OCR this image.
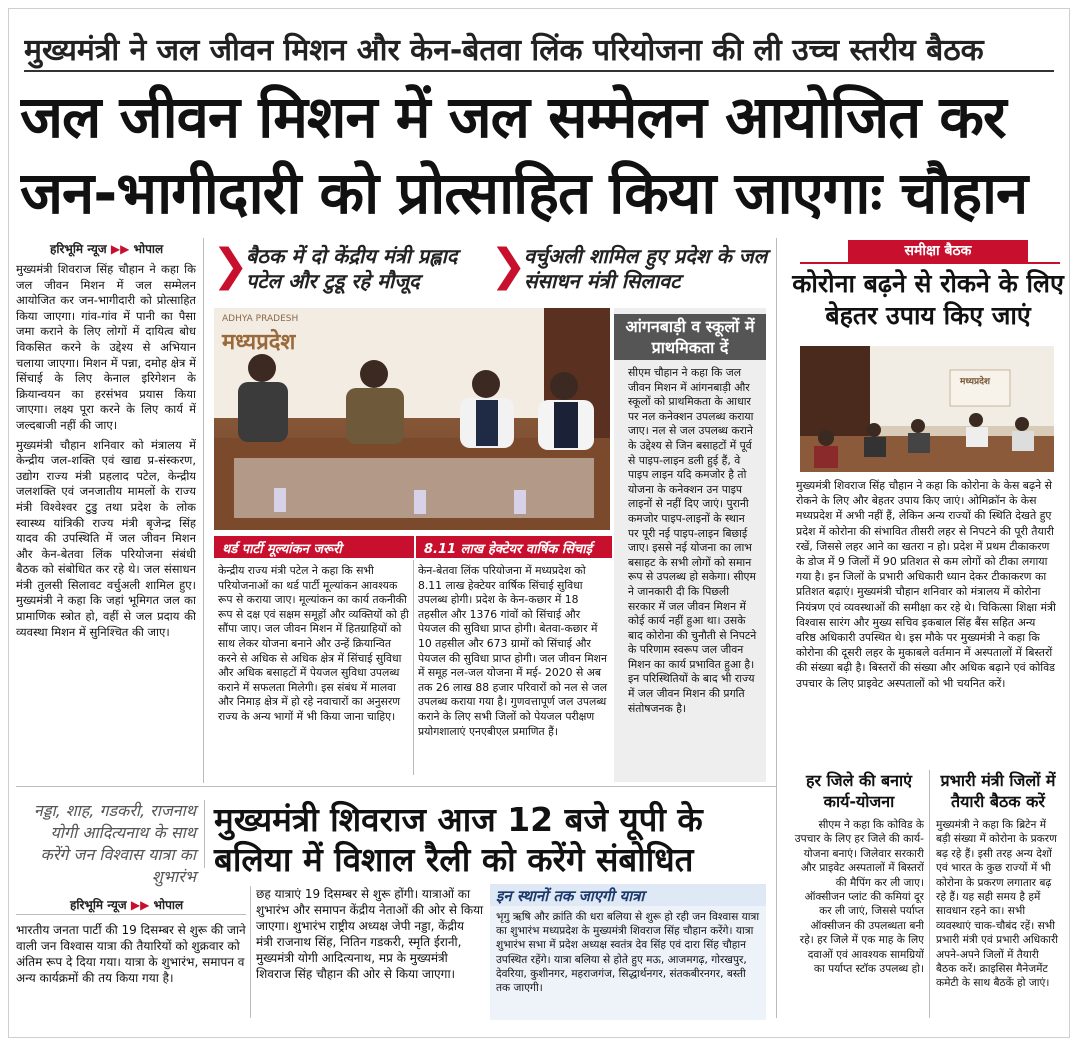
मुख्यमंत्री ने जल जीवन मिशन और केन-बेतवा लिंक परियोजना की ली उच्च स्तरीय बैठक
जल जीवन मिशन में जल सम्मेलन आयोजित कर
जन-भागीदारी को प्रोत्साहित किया जाएगाः चौहान
हरिभूमि न्यूज ▶▶ भोपाल

मुख्यमंत्री शिवराज सिंह चौहान ने कहा कि जल जीवन मिशन में जल सम्मेलन आयोजित कर जन-भागीदारी को प्रोत्साहित किया जाएगा। गांव-गांव में पानी का पैसा जमा कराने के लिए लोगों में दायित्व बोध विकसित करने के उद्देश्य से अभियान चलाया जाएगा। मिशन में पन्ना, दमोह क्षेत्र में सिंचाई के लिए केनाल इरिगेशन के क्रियान्वयन का हरसंभव प्रयास किया जाएगा। लक्ष्य पूरा करने के लिए कार्य में जल्दबाजी नहीं की जाए।

मुख्यमंत्री चौहान शनिवार को मंत्रालय में केन्द्रीय जल-शक्ति एवं खाद्य प्र-संस्करण, उद्योग राज्य मंत्री प्रहलाद पटेल, केन्द्रीय जलशक्ति एवं जनजातीय मामलों के राज्य मंत्री विश्वेश्वर टुडु तथा प्रदेश के लोक स्वास्थ्य यांत्रिकी राज्य मंत्री बृजेन्द्र सिंह यादव की उपस्थिति में जल जीवन मिशन और केन-बेतवा लिंक परियोजना संबंधी बैठक को संबोधित कर रहे थे। जल संसाधन मंत्री तुलसी सिलावट वर्चुअली शामिल हुए। मुख्यमंत्री ने कहा कि जहां भूमिगत जल का प्रामाणिक स्त्रोत हो, वहीं से जल प्रदाय की व्यवस्था मिशन में सुनिश्चित की जाए।

❯
बैठक में दो केंद्रीय मंत्री प्रह्लाद पटेल और टुडू रहे मौजूद	❯
वर्चुअली शामिल हुए प्रदेश के जल संसाधन मंत्री सिलावट
ADHYA PRADESH
मध्यप्रदेश
थर्ड पार्टी मूल्यांकन जरूरी	8.11 लाख हेक्टेयर वार्षिक सिंचाई
केन्द्रीय राज्य मंत्री पटेल ने कहा कि सभी परियोजनाओं का थर्ड पार्टी मूल्यांकन आवश्यक रूप से कराया जाए। मूल्यांकन का कार्य तकनीकी रूप से दक्ष एवं सक्षम समूहों और व्यक्तियों को ही सौंपा जाए। जल जीवन मिशन में हितग्राहियों को साथ लेकर योजना बनाने और उन्हें क्रियान्वित करने से अधिक से अधिक क्षेत्र में सिंचाई सुविधा और अधिक बसाहटों में पेयजल सुविधा उपलब्ध कराने में सफलता मिलेगी। इस संबंध में मालवा और निमाड़ क्षेत्र में हो रहे नवाचारों का अनुसरण राज्य के अन्य भागों में भी किया जाना चाहिए।
केन-बेतवा लिंक परियोजना में मध्यप्रदेश को 8.11 लाख हेक्टेयर वार्षिक सिंचाई सुविधा उपलब्ध होगी। प्रदेश के केन-कछार में 18 तहसील और 1376 गांवों को सिंचाई और पेयजल की सुविधा प्राप्त होगी। बेतवा-कछार में 10 तहसील और 673 ग्रामों को सिंचाई और पेयजल की सुविधा प्राप्त होगी। जल जीवन मिशन में समूह नल-जल योजना में मई- 2020 से अब तक 26 लाख 88 हजार परिवारों को नल से जल उपलब्ध कराया गया है। गुणवत्तापूर्ण जल उपलब्ध कराने के लिए सभी जिलों को पेयजल परीक्षण प्रयोगशालाएं एनएबीएल प्रमाणित हैं।
आंगनबाड़ी व स्कूलों में प्राथमिकता दें
सीएम चौहान ने कहा कि जल जीवन मिशन में आंगनबाड़ी और स्कूलों को प्राथमिकता के आधार पर नल कनेक्शन उपलब्ध कराया जाए। नल से जल उपलब्ध कराने के उद्देश्य से जिन बसाहटों में पूर्व से पाइप-लाइन डली हुई हैं, वे पाइप लाइन यदि कमजोर है तो योजना के कनेक्शन उन पाइप लाइनों से नहीं दिए जाएं। पुरानी कमजोर पाइप-लाइनों के स्थान पर पूरी नई पाइप-लाइन बिछाई जाए। इससे नई योजना का लाभ बसाहट के सभी लोगों को समान रूप से उपलब्ध हो सकेगा। सीएम ने जानकारी दी कि पिछली सरकार में जल जीवन मिशन में कोई कार्य नहीं हुआ था। उसके बाद कोरोना की चुनौती से निपटने के परिणाम स्वरूप जल जीवन मिशन का कार्य प्रभावित हुआ है। इन परिस्थितियों के बाद भी राज्य में जल जीवन मिशन की प्रगति संतोषजनक है।
समीक्षा बैठक
कोरोना बढ़ने से रोकने के लिए बेहतर उपाय किए जाएं
मध्यप्रदेश
मुख्यमंत्री शिवराज सिंह चौहान ने कहा कि कोरोना के केस बढ़ने से रोकने के लिए और बेहतर उपाय किए जाएं। ओमिक्रॉन के केस मध्यप्रदेश में अभी नहीं हैं, लेकिन अन्य राज्यों की स्थिति देखते हुए प्रदेश में कोरोना की संभावित तीसरी लहर से निपटने की पूरी तैयारी रखें, जिससे लहर आने का खतरा न हो। प्रदेश में प्रथम टीकाकरण के डोज में 9 जिलों में 90 प्रतिशत से कम लोगों को टीका लगाया गया है। इन जिलों के प्रभारी अधिकारी ध्यान देकर टीकाकरण का प्रतिशत बढ़ाएं। मुख्यमंत्री चौहान शनिवार को मंत्रालय में कोरोना नियंत्रण एवं व्यवस्थाओं की समीक्षा कर रहे थे। चिकित्सा शिक्षा मंत्री विश्वास सारंग और मुख्य सचिव इकबाल सिंह बैंस सहित अन्य वरिष्ठ अधिकारी उपस्थित थे। इस मौके पर मुख्यमंत्री ने कहा कि कोरोना की दूसरी लहर के मुकाबले वर्तमान में अस्पतालों में बिस्तरों की संख्या बढ़ी है। बिस्तरों की संख्या और अधिक बढ़ाने एवं कोविड उपचार के लिए प्राइवेट अस्पतालों को भी चयनित करें।
हर जिले की बनाएं कार्य-योजना
सीएम ने कहा कि कोविड के उपचार के लिए हर जिले की कार्य-योजना बनाएं। जिलेवार सरकारी और प्राइवेट अस्पतालों में बिस्तरों की मैपिंग कर ली जाए। ऑक्सीजन प्लांट की कमियां दूर कर ली जाएं, जिससे पर्याप्त ऑक्सीजन की उपलब्धता बनी रहे। हर जिले में एक माह के लिए दवाओं एवं आवश्यक सामग्रियों का पर्याप्त स्टॉक उपलब्ध हो।
प्रभारी मंत्री जिलों में तैयारी बैठक करें
मुख्यमंत्री ने कहा कि ब्रिटेन में बड़ी संख्या में कोरोना के प्रकरण बढ़ रहे हैं। इसी तरह अन्य देशों एवं भारत के कुछ राज्यों में भी कोरोना के प्रकरण लगातार बढ़ रहे हैं। यह सही समय है हमें सावधान रहने का। सभी व्यवस्थाएं चाक-चौबंद रहें। सभी प्रभारी मंत्री एवं प्रभारी अधिकारी अपने-अपने जिलों में तैयारी बैठक करें। क्राइसिस मैनेजमेंट कमेटी के साथ बैठकें हो जाएं।
नड्डा, शाह, गडकरी, राजनाथ योगी आदित्यनाथ के साथ करेंगे जन विश्वास यात्रा का शुभारंभ
मुख्यमंत्री शिवराज आज 12 बजे यूपी के
बलिया में विशाल रैली को करेंगे संबोधित
हरिभूमि न्यूज ▶▶ भोपाल
भारतीय जनता पार्टी की 19 दिसम्बर से शुरू की जाने वाली जन विश्वास यात्रा की तैयारियों को शुक्रवार को अंतिम रूप दे दिया गया। यात्रा के शुभारंभ, समापन व अन्य कार्यक्रमों की तय किया गया है।
छह यात्राएं 19 दिसम्बर से शुरू होंगी। यात्राओं का शुभारंभ और समापन केंद्रीय नेताओं की ओर से किया जाएगा। शुभारंभ राष्ट्रीय अध्यक्ष जेपी नड्डा, केंद्रीय मंत्री राजनाथ सिंह, नितिन गडकरी, स्मृति ईरानी, मुख्यमंत्री योगी आदित्यनाथ, मप्र के मुख्यमंत्री शिवराज सिंह चौहान की ओर से किया जाएगा।
इन स्थानों तक जाएगी यात्रा
भृगु ऋषि और क्रांति की धरा बलिया से शुरू हो रही जन विश्वास यात्रा का शुभारंभ मध्यप्रदेश के मुख्यमंत्री शिवराज सिंह चौहान करेंगे। यात्रा शुभारंभ सभा में प्रदेश अध्यक्ष स्वतंत्र देव सिंह एवं दारा सिंह चौहान उपस्थित रहेंगे। यात्रा बलिया से होते हुए मऊ, आजमगढ़, गोरखपुर, देवरिया, कुशीनगर, महराजगंज, सिद्धार्थनगर, संतकबीरनगर, बस्ती तक जाएगी।
